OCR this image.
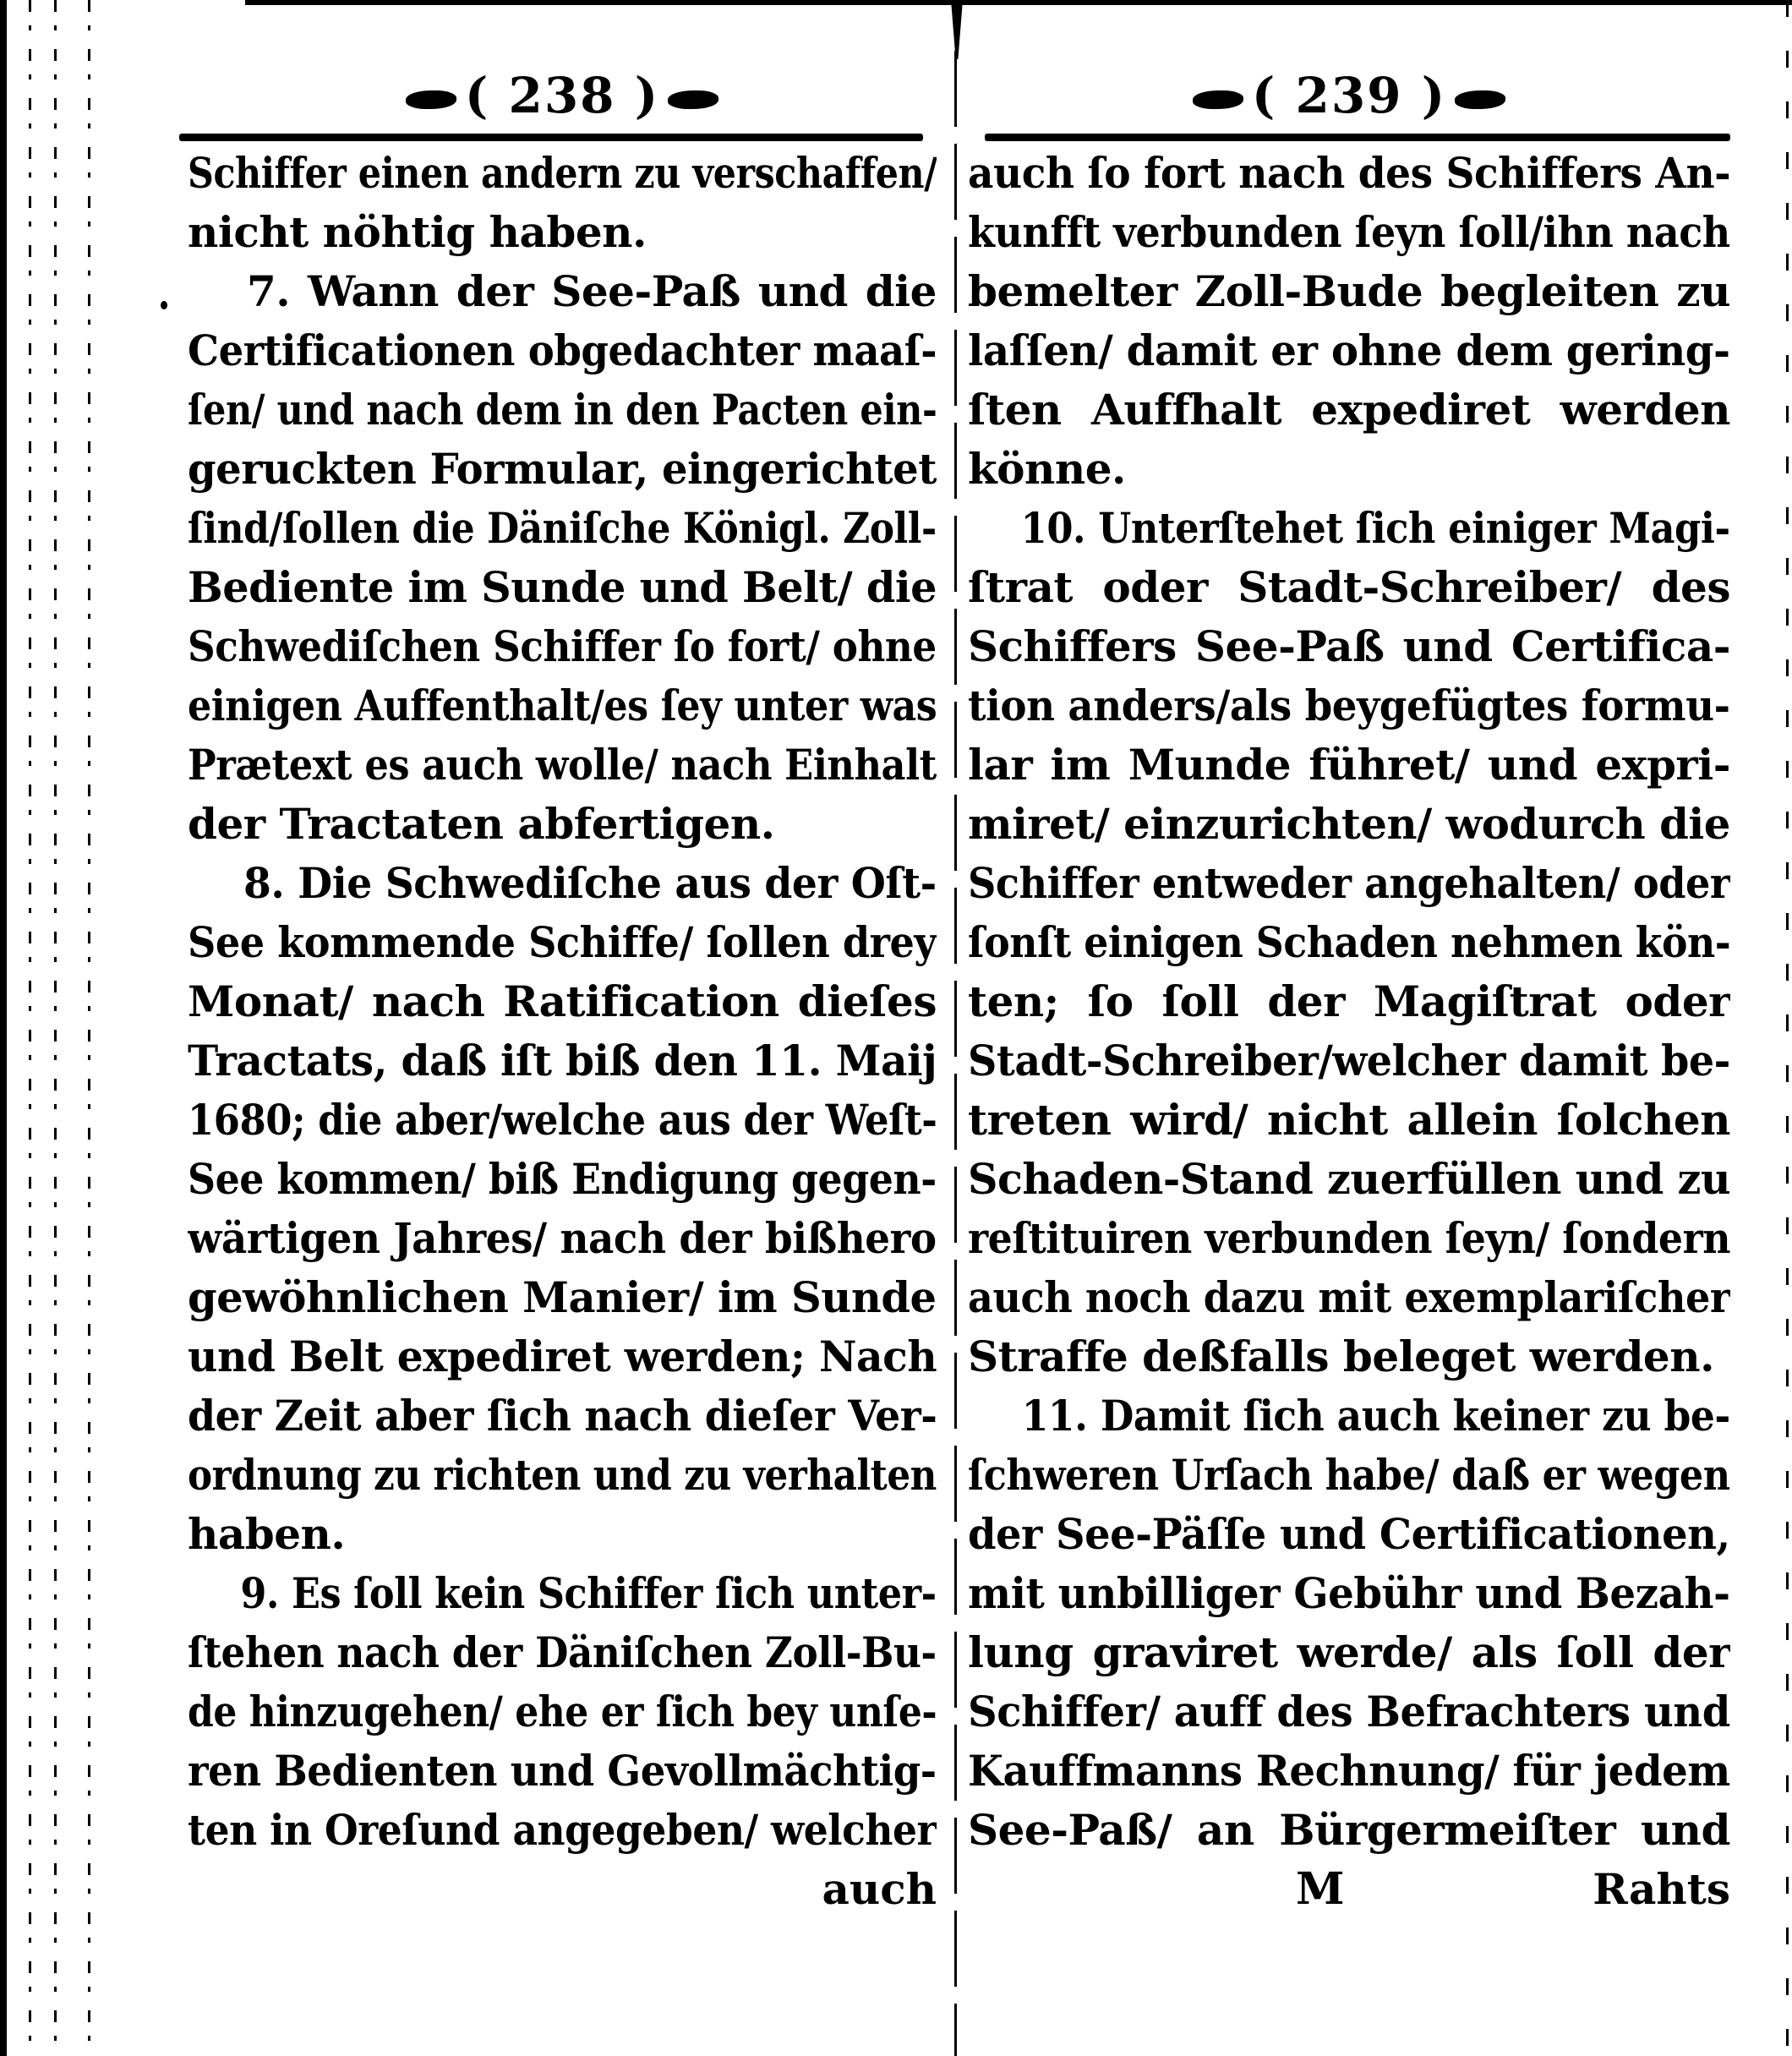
( 238 )
Schiffer einen andern zu verschaffen/
nicht nöhtig haben.
7. Wann der See-Paß und die
Certificationen obgedachter maaſ-
ſen/ und nach dem in den Pacten ein-
geruckten Formular, eingerichtet
ſind/ſollen die Däniſche Königl. Zoll-
Bediente im Sunde und Belt/ die
Schwediſchen Schiffer ſo fort/ ohne
einigen Auffenthalt/es ſey unter was
Prætext es auch wolle/ nach Einhalt
der Tractaten abfertigen.
8. Die Schwediſche aus der Oſt-
See kommende Schiffe/ ſollen drey
Monat/ nach Ratification dieſes
Tractats, daß iſt biß den 11. Maij
1680; die aber/welche aus der Weſt-
See kommen/ biß Endigung gegen-
wärtigen Jahres/ nach der bißhero
gewöhnlichen Manier/ im Sunde
und Belt expediret werden; Nach
der Zeit aber ſich nach dieſer Ver-
ordnung zu richten und zu verhalten
haben.
9. Es ſoll kein Schiffer ſich unter-
ſtehen nach der Däniſchen Zoll-Bu-
de hinzugehen/ ehe er ſich bey unſe-
ren Bedienten und Gevollmächtig-
ten in Oreſund angegeben/ welcher
auch
( 239 )
auch ſo fort nach des Schiffers An-
kunfft verbunden ſeyn ſoll/ihn nach
bemelter Zoll-Bude begleiten zu
laſſen/ damit er ohne dem gering-
ſten Auffhalt expediret werden
könne.
10. Unterſtehet ſich einiger Magi-
ſtrat oder Stadt-Schreiber/ des
Schiffers See-Paß und Certifica-
tion anders/als beygefügtes formu-
lar im Munde führet/ und expri-
miret/ einzurichten/ wodurch die
Schiffer entweder angehalten/ oder
ſonſt einigen Schaden nehmen kön-
ten; ſo ſoll der Magiſtrat oder
Stadt-Schreiber/welcher damit be-
treten wird/ nicht allein ſolchen
Schaden-Stand zuerfüllen und zu
reſtituiren verbunden ſeyn/ ſondern
auch noch dazu mit exemplariſcher
Straffe deßfalls beleget werden.
11. Damit ſich auch keiner zu be-
ſchweren Urſach habe/ daß er wegen
der See-Päſſe und Certificationen,
mit unbilliger Gebühr und Bezah-
lung graviret werde/ als ſoll der
Schiffer/ auff des Befrachters und
Kauffmanns Rechnung/ für jedem
See-Paß/ an Bürgermeiſter und
M	Rahts
